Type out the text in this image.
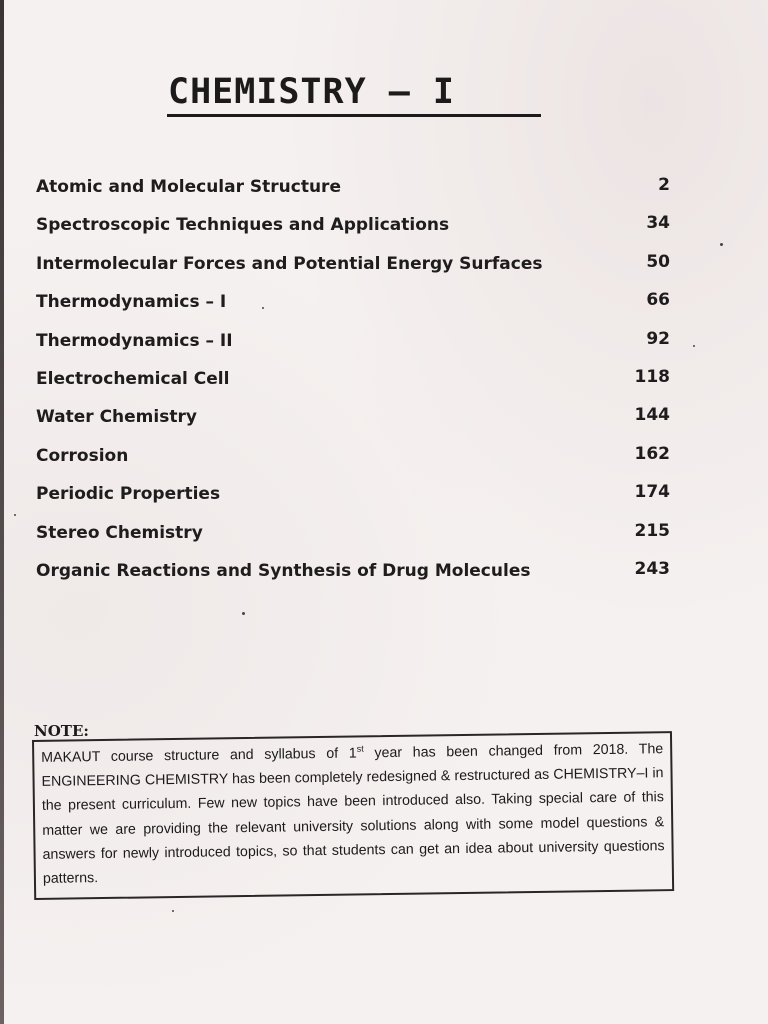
CHEMISTRY – I
Atomic and Molecular Structure	2
Spectroscopic Techniques and Applications	34
Intermolecular Forces and Potential Energy Surfaces	50
Thermodynamics – I	66
Thermodynamics – II	92
Electrochemical Cell	118
Water Chemistry	144
Corrosion	162
Periodic Properties	174
Stereo Chemistry	215
Organic Reactions and Synthesis of Drug Molecules	243
NOTE:

MAKAUT course structure and syllabus of 1st year has been changed from 2018. The ENGINEERING CHEMISTRY has been completely redesigned & restructured as CHEMISTRY–I in the present curriculum. Few new topics have been introduced also. Taking special care of this matter we are providing the relevant university solutions along with some model questions & answers for newly introduced topics, so that students can get an idea about university questions patterns.
